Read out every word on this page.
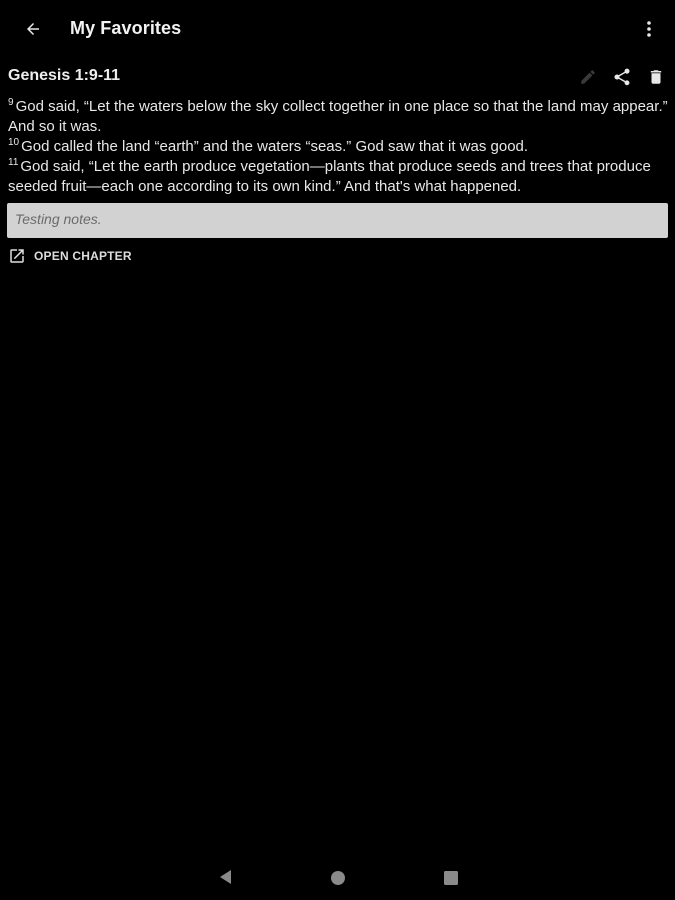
My Favorites
Genesis 1:9-11
$^9$ God said, “Let the waters below the sky collect together in one place so that the land may appear.” And so it was.
$^{10}$ God called the land “earth” and the waters “seas.” God saw that it was good.
$^{11}$ God said, “Let the earth produce vegetation—plants that produce seeds and trees that produce seeded fruit—each one according to its own kind.” And that's what happened.
Testing notes.
OPEN CHAPTER
